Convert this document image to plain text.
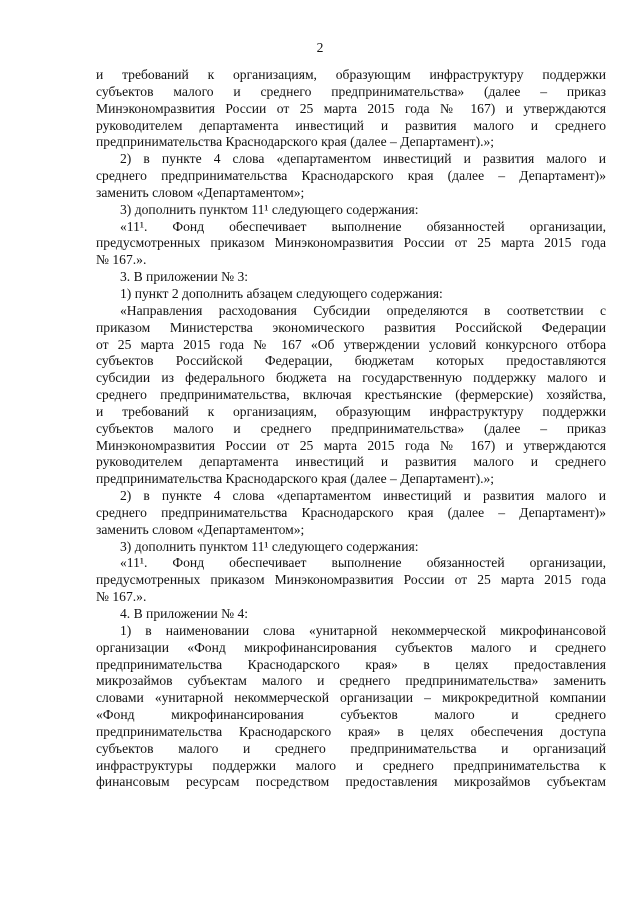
2
и требований к организациям, образующим инфраструктуру поддержки
субъектов малого и среднего предпринимательства» (далее – приказ
Минэкономразвития России от 25 марта 2015 года № 167) и утверждаются
руководителем департамента инвестиций и развития малого и среднего
предпринимательства Краснодарского края (далее – Департамент).»;
2) в пункте 4 слова «департаментом инвестиций и развития малого и
среднего предпринимательства Краснодарского края (далее – Департамент)»
заменить словом «Департаментом»;
3) дополнить пунктом 11¹ следующего содержания:
«11¹. Фонд обеспечивает выполнение обязанностей организации,
предусмотренных приказом Минэкономразвития России от 25 марта 2015 года
№ 167.».
3. В приложении № 3:
1) пункт 2 дополнить абзацем следующего содержания:
«Направления расходования Субсидии определяются в соответствии с
приказом Министерства экономического развития Российской Федерации
от 25 марта 2015 года № 167 «Об утверждении условий конкурсного отбора
субъектов Российской Федерации, бюджетам которых предоставляются
субсидии из федерального бюджета на государственную поддержку малого и
среднего предпринимательства, включая крестьянские (фермерские) хозяйства,
и требований к организациям, образующим инфраструктуру поддержки
субъектов малого и среднего предпринимательства» (далее – приказ
Минэкономразвития России от 25 марта 2015 года № 167) и утверждаются
руководителем департамента инвестиций и развития малого и среднего
предпринимательства Краснодарского края (далее – Департамент).»;
2) в пункте 4 слова «департаментом инвестиций и развития малого и
среднего предпринимательства Краснодарского края (далее – Департамент)»
заменить словом «Департаментом»;
3) дополнить пунктом 11¹ следующего содержания:
«11¹. Фонд обеспечивает выполнение обязанностей организации,
предусмотренных приказом Минэкономразвития России от 25 марта 2015 года
№ 167.».
4. В приложении № 4:
1) в наименовании слова «унитарной некоммерческой микрофинансовой
организации «Фонд микрофинансирования субъектов малого и среднего
предпринимательства Краснодарского края» в целях предоставления
микрозаймов субъектам малого и среднего предпринимательства» заменить
словами «унитарной некоммерческой организации – микрокредитной компании
«Фонд микрофинансирования субъектов малого и среднего
предпринимательства Краснодарского края» в целях обеспечения доступа
субъектов малого и среднего предпринимательства и организаций
инфраструктуры поддержки малого и среднего предпринимательства к
финансовым ресурсам посредством предоставления микрозаймов субъектам
